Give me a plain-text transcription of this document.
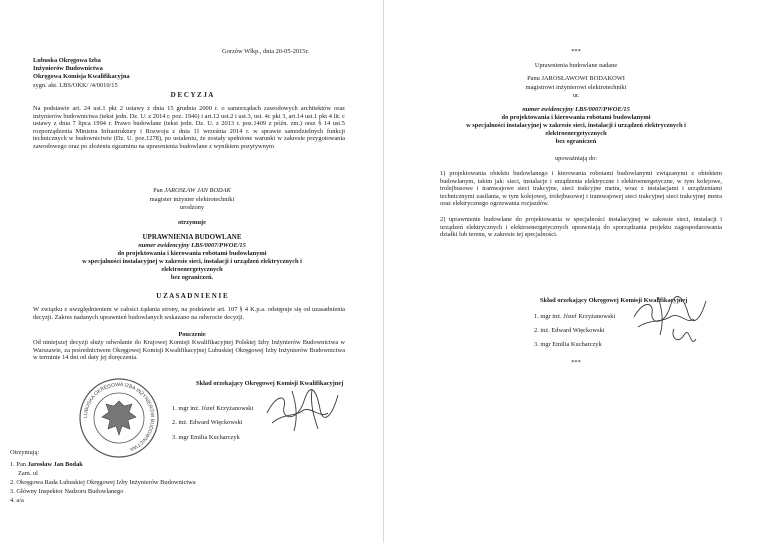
Gorzów Wlkp., dnia 20-05-2015r.
Lubuska Okręgowa Izba
Inżynierów Budownictwa
Okręgowa Komisja Kwalifikacyjna
sygn. akt. LBS/OKK/ /4/0010/15
D E C Y Z J A
Na podstawie art. 24 ust.1 pkt 2 ustawy z dnia 15 grudnia 2000 r. o samorządach zawodowych architektów oraz inżynierów budownictwa (tekst jedn. Dz. U. z 2014 r. poz. 1946) i art.12 ust.2 i ust.3, ust. 4c pkt 3, art.14 ust.1 pkt 4 lit. c ustawy z dnia 7 lipca 1994 r. Prawo budowlane (tekst jedn. Dz. U. z 2013 r. poz.1409 z późn. zm.) oraz § 14 ust.5 rozporządzenia Ministra Infrastruktury i Rozwoju z dnia 11 września 2014 r. w sprawie samodzielnych funkcji technicznych w budownictwie (Dz. U. poz.1278), po ustaleniu, że zostały spełnione warunki w zakresie przygotowania zawodowego oraz po złożeniu egzaminu na uprawnienia budowlane z wynikiem pozytywnym
Pan JAROSŁAW JAN BODAK
magister inżynier elektrotechniki
urodzony
otrzymuje
UPRAWNIENIA BUDOWLANE
numer ewidencyjny LBS/0007/PWOE/15
do projektowania i kierowania robotami budowlanymi
w specjalności instalacyjnej w zakresie sieci, instalacji i urządzeń elektrycznych i
elektroenergetycznych
bez ograniczeń.
U Z A S A D N I E N I E
W związku z uwzględnieniem w całości żądania strony, na podstawie art. 107 § 4 K.p.a. odstępuje się od uzasadnienia decyzji. Zakres nadanych uprawnień budowlanych wskazano na odwrocie decyzji.
Pouczenie
Od niniejszej decyzji służy odwołanie do Krajowej Komisji Kwalifikacyjnej Polskiej Izby Inżynierów Budownictwa w Warszawie, za pośrednictwem Okręgowej Komisji Kwalifikacyjnej Lubuskiej Okręgowej Izby Inżynierów Budownictwa w terminie 14 dni od daty jej doręczenia.
Skład orzekający Okręgowej Komisji Kwalifikacyjnej
1. mgr inż. Józef Krzyżanowski
2. inż. Edward Więckowski
3. mgr Emilia Kucharczyk
LUBUSKA OKRĘGOWA IZBA INŻYNIERÓW BUDOWNICTWA
Otrzymują:
1. Pan Jarosław Jan Bodak
Zam. ul
2. Okręgowa Rada Lubuskiej Okręgowej Izby Inżynierów Budownictwa
3. Główny Inspektor Nadzoru Budowlanego
4. a/a
***
Uprawnienia budowlane nadane
Panu JAROSŁAWOWI BODAKOWI
magistrowi inżynierowi elektrotechniki
ur.
numer ewidencyjny LBS/0007/PWOE/15
do projektowania i kierowania robotami budowlanymi
w specjalności instalacyjnej w zakresie sieci, instalacji i urządzeń elektrycznych i
elektroenergetycznych
bez ograniczeń
upoważniają do:
1) projektowania obiektu budowlanego i kierowania robotami budowlanymi związanymi z obiektem budowlanym, takim jak: sieci, instalacje i urządzenia elektryczne i elektroenergetyczne, w tym kolejowe, trolejbusowe i tramwajowe sieci trakcyjne, sieci trakcyjne metra, wraz z instalacjami i urządzeniami technicznymi zasilania, w tym kolejowej, trolejbusowej i tramwajowej sieci trakcyjnej sieci trakcyjnej metra oraz elektrycznego ogrzewania rozjazdów.
2) uprawnienie budowlane do projektowania w specjalności instalacyjnej w zakresie sieci, instalacji i urządzeń elektrycznych i elektroenergetycznych uprawniają do sporządzania projektu zagospodarowania działki lub terenu, w zakresie tej specjalności.
Skład orzekający Okręgowej Komisji Kwalifikacyjnej
1. mgr inż. Józef Krzyżanowski
2. inż. Edward Więckowski
3. mgr Emilia Kucharczyk
***
